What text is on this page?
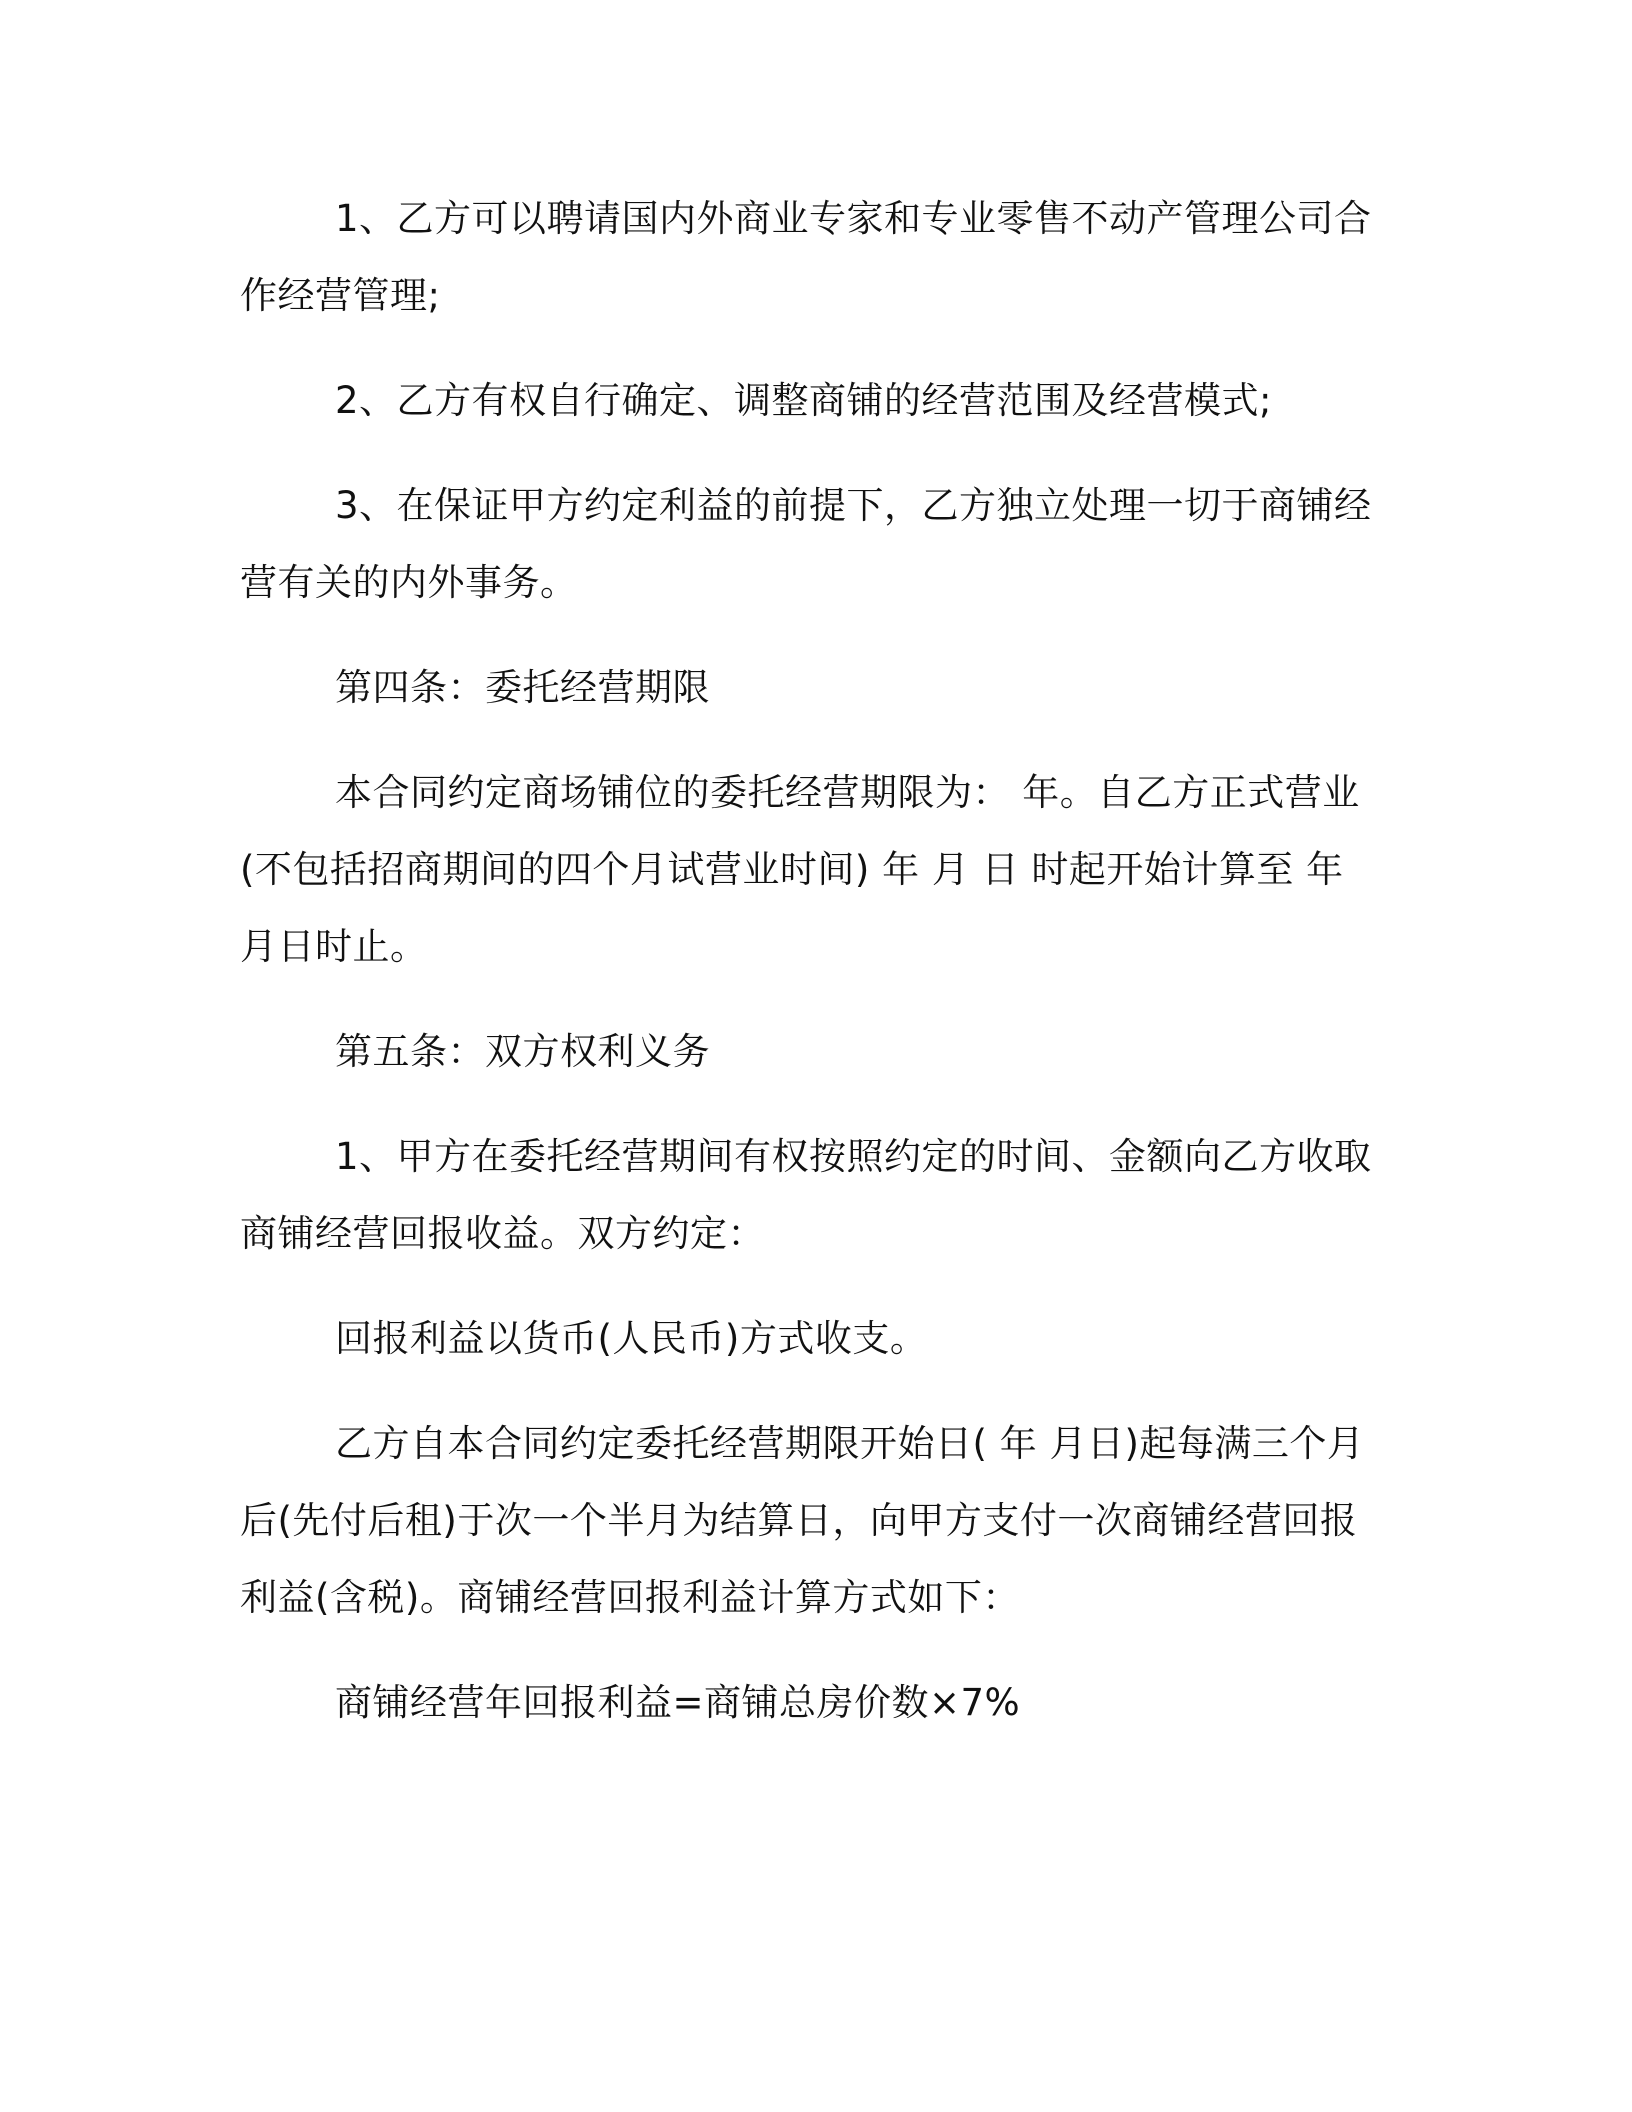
1、乙方可以聘请国内外商业专家和专业零售不动产管理公司合作经营管理;

2、乙方有权自行确定、调整商铺的经营范围及经营模式;

3、在保证甲方约定利益的前提下，乙方独立处理一切于商铺经营有关的内外事务。

第四条：委托经营期限

本合同约定商场铺位的委托经营期限为： 年。自乙方正式营业(不包括招商期间的四个月试营业时间) 年 月 日 时起开始计算至 年 月日时止。

第五条：双方权利义务

1、甲方在委托经营期间有权按照约定的时间、金额向乙方收取商铺经营回报收益。双方约定：

回报利益以货币(人民币)方式收支。

乙方自本合同约定委托经营期限开始日( 年 月日)起每满三个月后(先付后租)于次一个半月为结算日，向甲方支付一次商铺经营回报利益(含税)。商铺经营回报利益计算方式如下：

商铺经营年回报利益=商铺总房价数×7%
